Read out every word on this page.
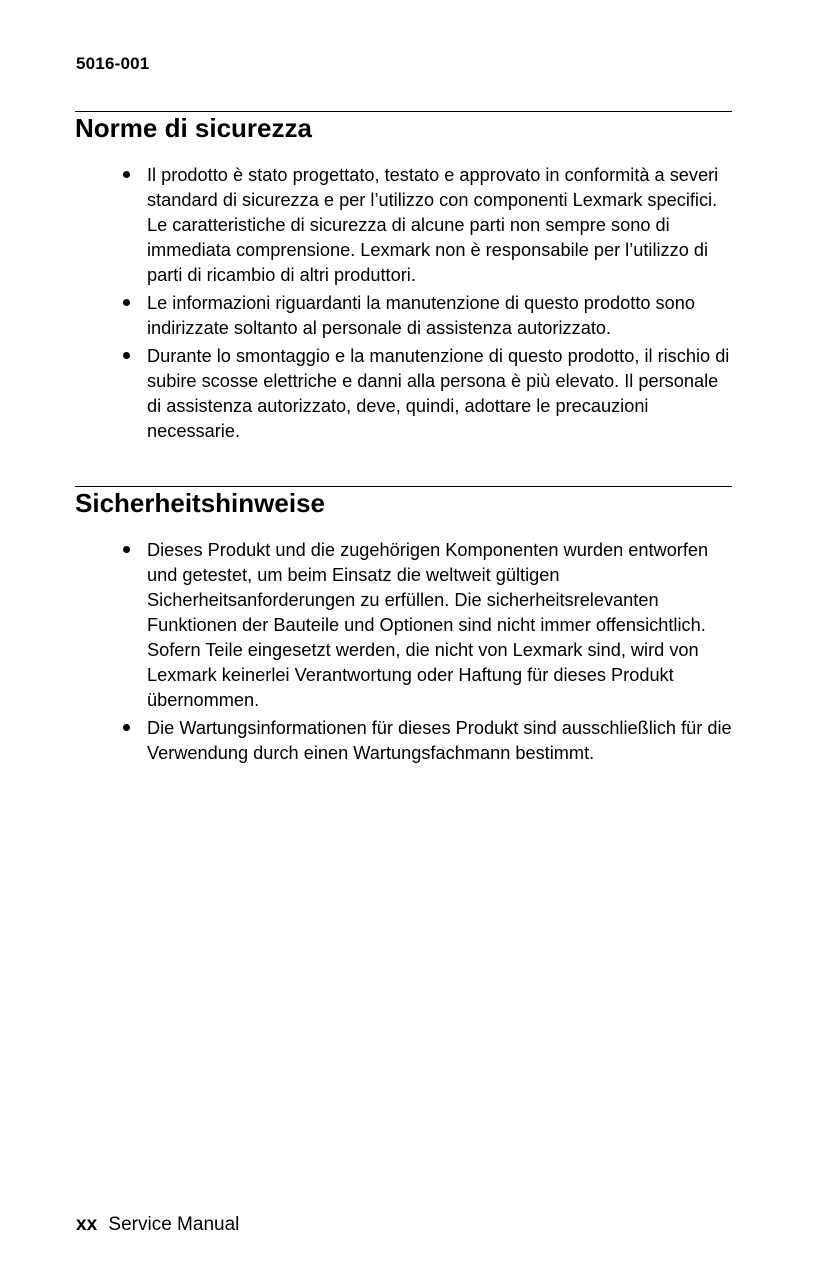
5016-001
Norme di sicurezza
Il prodotto è stato progettato, testato e approvato in conformità a severi standard di sicurezza e per l’utilizzo con componenti Lexmark specifici. Le caratteristiche di sicurezza di alcune parti non sempre sono di immediata comprensione. Lexmark non è responsabile per l’utilizzo di parti di ricambio di altri produttori.
Le informazioni riguardanti la manutenzione di questo prodotto sono indirizzate soltanto al personale di assistenza autorizzato.
Durante lo smontaggio e la manutenzione di questo prodotto, il rischio di subire scosse elettriche e danni alla persona è più elevato. Il personale di assistenza autorizzato, deve, quindi, adottare le precauzioni necessarie.
Sicherheitshinweise
Dieses Produkt und die zugehörigen Komponenten wurden entworfen und getestet, um beim Einsatz die weltweit gültigen Sicherheitsanforderungen zu erfüllen. Die sicherheitsrelevanten Funktionen der Bauteile und Optionen sind nicht immer offensichtlich. Sofern Teile eingesetzt werden, die nicht von Lexmark sind, wird von Lexmark keinerlei Verantwortung oder Haftung für dieses Produkt übernommen.
Die Wartungsinformationen für dieses Produkt sind ausschließlich für die Verwendung durch einen Wartungsfachmann bestimmt.
xx Service Manual
